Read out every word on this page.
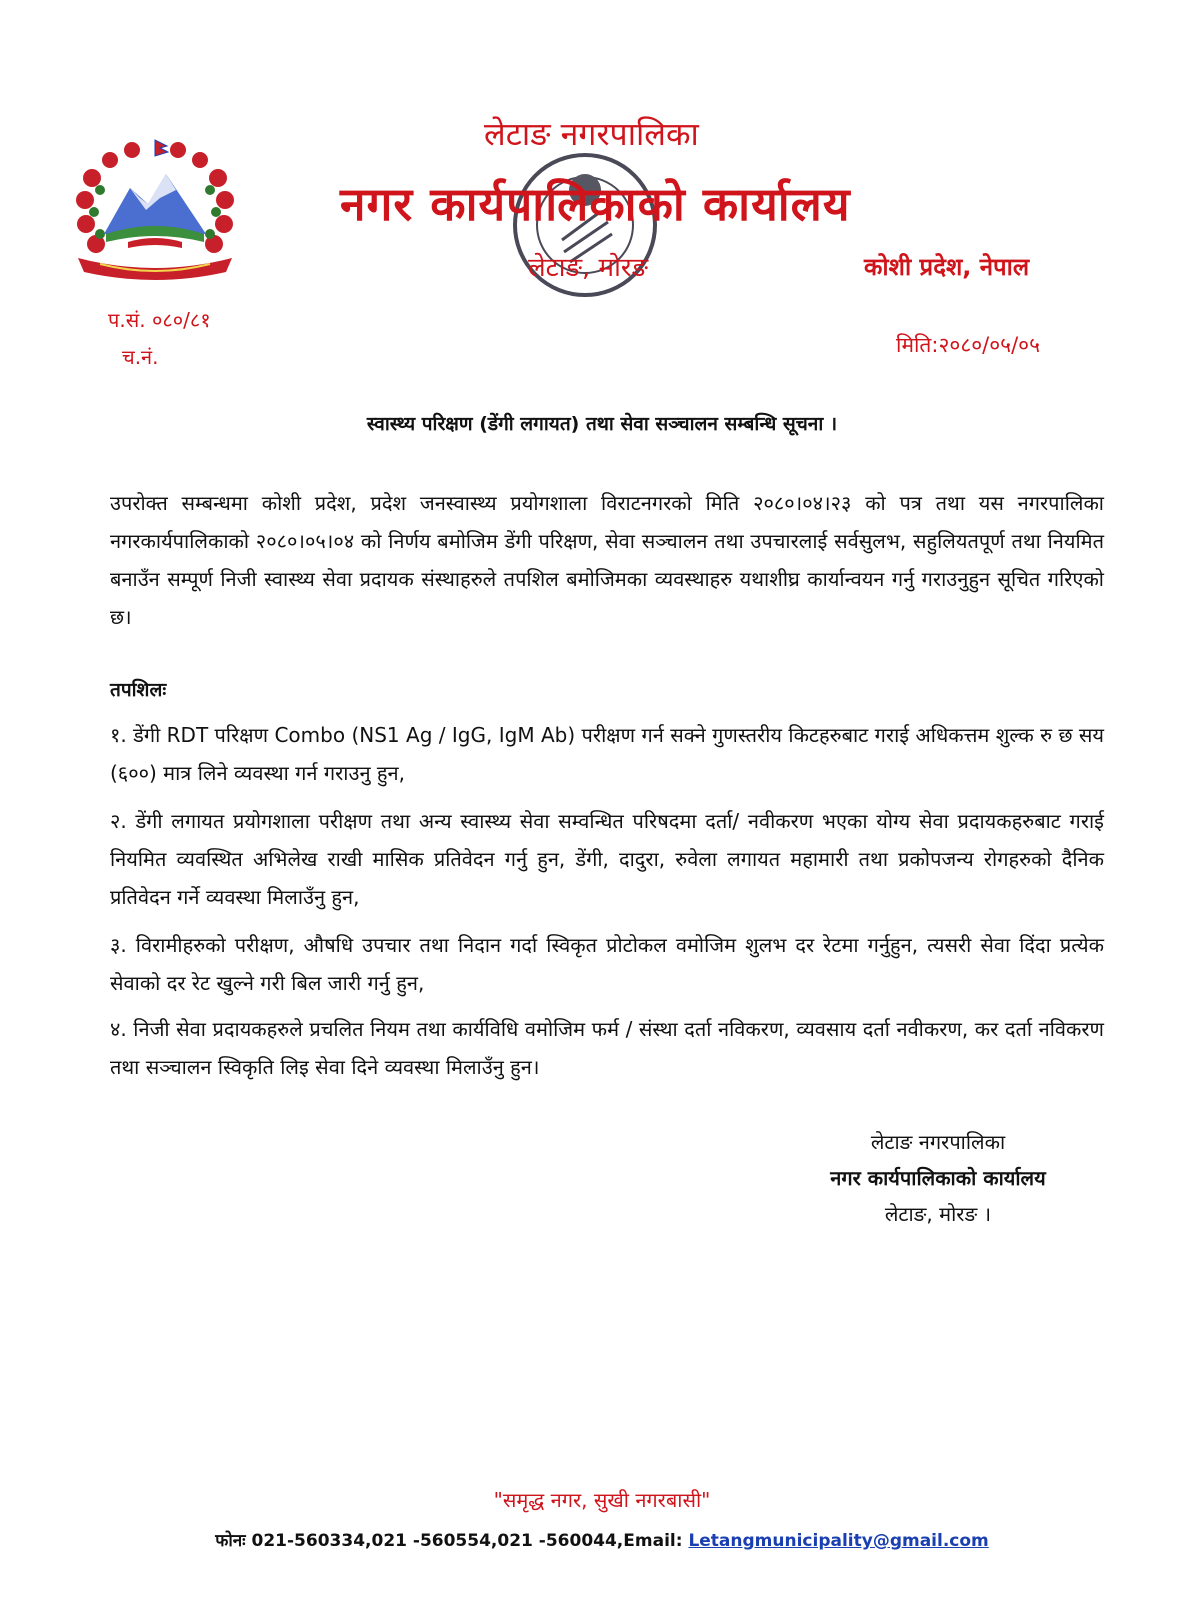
लेटाङ नगरपालिका
नगर कार्यपालिकाको कार्यालय
लेटाङ, मोरङ	कोशी प्रदेश, नेपाल
प.सं. ०८०/८१
च.नं.	मिति:२०८०/०५/०५
स्वास्थ्य परिक्षण (डेंगी लगायत) तथा सेवा सञ्चालन सम्बन्धि सूचना ।
उपरोक्त सम्बन्धमा कोशी प्रदेश, प्रदेश जनस्वास्थ्य प्रयोगशाला विराटनगरको मिति २०८०।०४।२३ को पत्र तथा यस नगरपालिका नगरकार्यपालिकाको २०८०।०५।०४ को निर्णय बमोजिम डेंगी परिक्षण, सेवा सञ्चालन तथा उपचारलाई सर्वसुलभ, सहुलियतपूर्ण तथा नियमित बनाउँन सम्पूर्ण निजी स्वास्थ्य सेवा प्रदायक संस्थाहरुले तपशिल बमोजिमका व्यवस्थाहरु यथाशीघ्र कार्यान्वयन गर्नु गराउनुहुन सूचित गरिएको छ।
तपशिलः
१. डेंगी RDT परिक्षण Combo (NS1 Ag / IgG, IgM Ab) परीक्षण गर्न सक्ने गुणस्तरीय किटहरुबाट गराई अधिकत्तम शुल्क रु छ सय (६००) मात्र लिने व्यवस्था गर्न गराउनु हुन,
२. डेंगी लगायत प्रयोगशाला परीक्षण तथा अन्य स्वास्थ्य सेवा सम्वन्धित परिषदमा दर्ता/ नवीकरण भएका योग्य सेवा प्रदायकहरुबाट गराई नियमित व्यवस्थित अभिलेख राखी मासिक प्रतिवेदन गर्नु हुन, डेंगी, दादुरा, रुवेला लगायत महामारी तथा प्रकोपजन्य रोगहरुको दैनिक प्रतिवेदन गर्ने व्यवस्था मिलाउँनु हुन,
३. विरामीहरुको परीक्षण, औषधि उपचार तथा निदान गर्दा स्विकृत प्रोटोकल वमोजिम शुलभ दर रेटमा गर्नुहुन, त्यसरी सेवा दिंदा प्रत्येक सेवाको दर रेट खुल्ने गरी बिल जारी गर्नु हुन,
४. निजी सेवा प्रदायकहरुले प्रचलित नियम तथा कार्यविधि वमोजिम फर्म / संस्था दर्ता नविकरण, व्यवसाय दर्ता नवीकरण, कर दर्ता नविकरण तथा सञ्चालन स्विकृति लिइ सेवा दिने व्यवस्था मिलाउँनु हुन।
लेटाङ नगरपालिका
नगर कार्यपालिकाको कार्यालय
लेटाङ, मोरङ ।
"समृद्ध नगर, सुखी नगरबासी"
फोनः 021-560334,021 -560554,021 -560044,Email: Letangmunicipality@gmail.com
